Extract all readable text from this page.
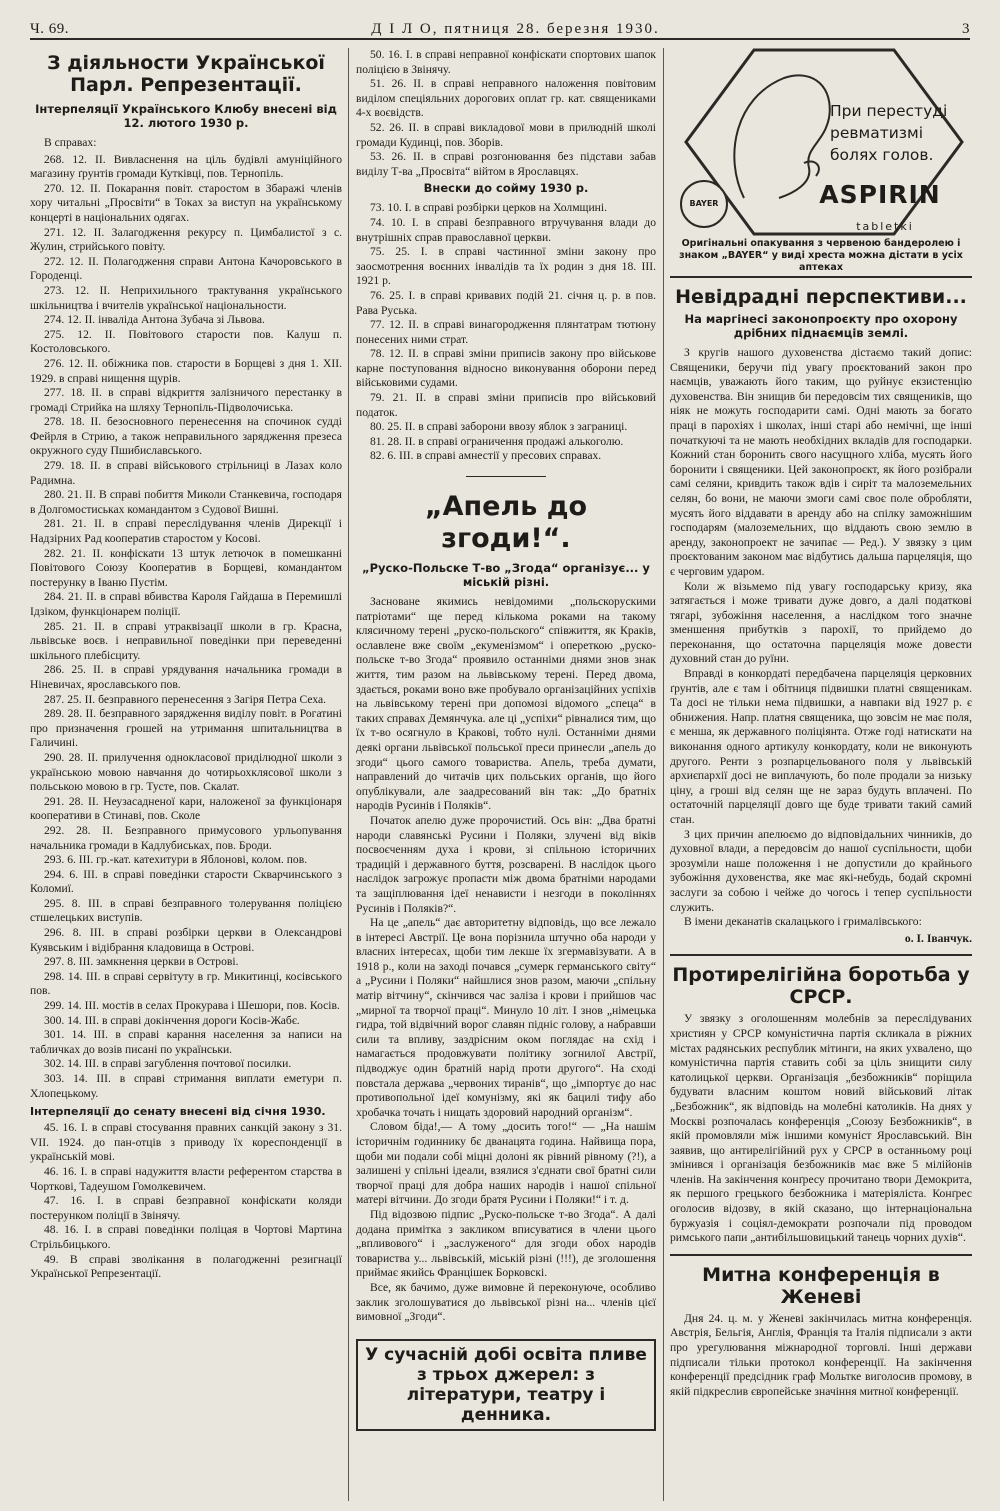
Ч. 69.	Д І Л О, пятниця 28. березня 1930.	3
З діяльности Української Парл. Репрезентації.
Інтерпеляції Українського Клюбу внесені від 12. лютого 1930 р.

В справах:

268. 12. II. Вивласнення на ціль будівлі амуніційного магазину ґрунтів громади Кутківці, пов. Тернопіль.

270. 12. II. Покарання повіт. старостом в Збаражі членів хору читальні „Просвіти“ в Токах за виступ на українському концерті в національних одягах.

271. 12. II. Залагодження рекурсу п. Цимбалистої з с. Жулин, стрийського повіту.

272. 12. II. Полагодження справи Антона Качоровського в Городенці.

273. 12. II. Неприхильного трактування українського шкільництва і вчителів української національности.

274. 12. II. інваліда Антона Зубача зі Львова.

275. 12. II. Повітового старости пов. Калуш п. Костоловського.

276. 12. II. обіжника пов. старости в Борщеві з дня 1. XII. 1929. в справі нищення щурів.

277. 18. II. в справі відкриття залізничого перестанку в громаді Стрийка на шляху Тернопіль-Підволочиська.

278. 18. II. безосновного перенесення на спочинок судді Фейрля в Стрию, а також неправильного зарядження презеса окружного суду Пшибиславського.

279. 18. II. в справі військового стрільниці в Лазах коло Радимна.

280. 21. II. В справі побиття Миколи Станкевича, господаря в Долгомостиськах командантом з Судової Вишні.

281. 21. II. в справі переслідування членів Дирекції і Надзірних Рад кооператив старостом у Косові.

282. 21. II. конфіскати 13 штук летючок в помешканні Повітового Союзу Кооператив в Борщеві, командантом постерунку в Іваню Пустім.

284. 21. II. в справі вбивства Кароля Гайдаша в Перемишлі Ідзіком, функціонарем поліції.

285. 21. II. в справі утраквізації школи в гр. Красна, львівське воєв. і неправильної поведінки при переведенні шкільного плебісциту.

286. 25. II. в справі урядування начальника громади в Ніневичах, ярославського пов.

287. 25. II. безправного перенесення з Загіря Петра Сеха.

289. 28. II. безправного зарядження виділу повіт. в Рогатині про призначення грошей на утримання шпитальництва в Галичині.

290. 28. II. прилучення однокласової приділюдної школи з українською мовою навчання до чотирьохклясової школи з польською мовою в гр. Тусте, пов. Скалат.

291. 28. II. Неузасадненої кари, наложеної за функціонаря кооперативи в Стинаві, пов. Сколе

292. 28. II. Безправного примусового урльопування начальника громади в Кадлубиськах, пов. Броди.

293. 6. III. гр.-кат. катехитури в Яблонові, колом. пов.

294. 6. III. в справі поведінки старости Скварчинського з Коломиї.

295. 8. III. в справі безправного толерування поліцією стшелецьких виступів.

296. 8. III. в справі розбірки церкви в Олександрові Куявським і відібрання кладовища в Острові.

297. 8. III. замкнення церкви в Острові.

298. 14. III. в справі сервітуту в гр. Микитинці, косівського пов.

299. 14. III. мостів в селах Прокурава і Шешори, пов. Косів.

300. 14. III. в справі докінчення дороги Косів-Жабє.

301. 14. III. в справі карання населення за написи на табличках до возів писані по українськи.

302. 14. III. в справі загублення почтової посилки.

303. 14. III. в справі стримання виплати еметури п. Хлопецькому.

Інтерпеляції до сенату внесені від січня 1930.

45. 16. I. в справі стосування правних санкцій закону з 31. VII. 1924. до пан-отців з приводу їх кореспонденції в українській мові.

46. 16. I. в справі надужиття власти референтом старства в Чорткові, Тадеушом Гомолкевичем.

47. 16. I. в справі безправної конфіскати коляди постерунком поліції в Звінячу.

48. 16. I. в справі поведінки поліцая в Чортові Мартина Стрільбицького.

49. В справі зволікання в полагодженні резигнації Української Репрезентації.

50. 16. I. в справі неправної конфіскати спортових шапок поліцією в Звінячу.

51. 26. II. в справі неправного наложення повітовим виділом спеціяльних дорогових оплат гр. кат. священиками 4-х воєвідств.

52. 26. II. в справі викладової мови в прилюдній школі громади Кудинці, пов. Зборів.

53. 26. II. в справі розгонювання без підстави забав виділу Т-ва „Просвіта“ війтом в Ярославцях.

Внески до сойму 1930 р.

73. 10. I. в справі розбірки церков на Холмщині.

74. 10. I. в справі безправного втручування влади до внутрішніх справ православної церкви.

75. 25. I. в справі частинної зміни закону про заосмотрення воєнних інвалідів та їх родин з дня 18. III. 1921 р.

76. 25. I. в справі кривавих подій 21. січня ц. р. в пов. Рава Руська.

77. 12. II. в справі винагородження плянтатрам тютюну понесених ними страт.

78. 12. II. в справі зміни приписів закону про військове карне поступовання відносно виконування оборони перед військовими судами.

79. 21. II. в справі зміни приписів про військовий податок.

80. 25. II. в справі заборони ввозу яблок з заграниці.

81. 28. II. в справі ограничення продажі алькоголю.

82. 6. III. в справі амнестії у пресових справах.

„Апель до згоди!“.
„Руско-Польске Т-во „Згода“ організує... у міській різні.

Засноване якимись невідомими „польскорускими патріотами“ ще перед кількома роками на такому клясичному терені „руско-польского“ співжиття, як Краків, ославлене вже своїм „екуменізмом“ і опереткою „руско-польске т-во Згода“ проявило останніми днями знов знак життя, тим разом на львівському терені. Перед двома, здається, роками воно вже пробувало організаційних успіхів на львівському терені при допомозі відомого „спеца“ в таких справах Демянчука. але ці „успіхи“ рівналися тим, що їх т-во осягнуло в Кракові, тобто нулі. Останніми днями деякі органи львівської польської преси принесли „апель до згоди“ цього самого товариства. Апель, треба думати, направлений до читачів цих польських органів, що його опублікували, але заадресований він так: „До братніх народів Русинів і Поляків“.

Початок апелю дуже пророчистий. Ось він: „Два братні народи славянські Русини і Поляки, злучені від віків посвоєченням духа і крови, зі спільною історичних традицій і державного буття, розсварені. В наслідок цього наслідок загрожує пропасти між двома братніми народами та защіплювання ідеї ненависти і незгоди в поколіннях Русинів і Поляків?“.

На це „апель“ дає авторитетну відповідь, що все лежало в інтересі Австрії. Це вона порізнила штучно оба народи у власних інтересах, щоби тим лекше їх згермавізувати. А в 1918 р., коли на заході почався „сумерк германського світу“ а „Русини і Поляки“ найшлися знов разом, маючи „спільну матір вітчину“, скінчився час заліза і крови і прийшов час „мирної та творчої праці“. Минуло 10 літ. І знов „німецька гидра, той відвічний ворог славян підніс голову, а набравши сили та впливу, заздрісним оком поглядає на схід і намагається продовжувати політику зогнилої Австрії, підводжує один братній нарід проти другого“. На сході повстала держава „червоних тиранів“, що „імпортує до нас противопольної ідеї комунізму, які як бацилі тифу або хробачка точать і нищать здоровий народний організм“.

Словом біда!,— А тому „досить того!“ — „На нашім історичнім годиннику бє дванацята година. Найвища пора, щоби ми подали собі міцні долоні як рівний рівному (?!), а залишені у спільні ідеали, взялися з'єднати свої братні сили творчої праці для добра наших народів і нашої спільної матері вітчини. До згоди братя Русини і Поляки!“ і т. д.

Під відозвою підпис „Руско-польске т-во Згода“. А далі додана примітка з закликом вписуватися в члени цього „впливового“ і „заслуженого“ для згоди обох народів товариства у... львівській, міській різні (!!!), де зголошення приймає якийсь Францішек Борковскі.

Все, як бачимо, дуже вимовне й переконуюче, особливо заклик зголошуватися до львівської різні на... членів цієї вимовної „Згоди“.

У сучасній добі освіта пливе з трьох джерел: з літератури, театру і денника.
При перестуді ревматизмі болях голов.
BAYER	ASPIRIN
tabletki
Оригінальні опакування з червеною бандеролею і знаком „BAYER“ у виді хреста можна дістати в усіх аптеках
Невідрадні перспективи...
На маргінесі законопроєкту про охорону дрібних піднаємців землі.

З кругів нашого духовенства дістаємо такий допис: Священики, беручи під увагу проєктований закон про наємців, уважають його таким, що руйнує екзистенцію духовенства. Він знищив би передовсім тих священиків, що ніяк не можуть господарити самі. Одні мають за богато праці в парохіях і школах, інші старі або немічні, ще інші початкуючі та не мають необхідних вкладів для господарки. Кожний стан боронить свого насущного хліба, мусять його боронити і священики. Цей законопроєкт, як його розібрали самі селяни, кривдить також вдів і сиріт та малоземельних селян, бо вони, не маючи змоги самі своє поле обробляти, мусять його віддавати в аренду або на спілку заможнішим господарям (малоземельних, що віддають свою землю в аренду, законопроект не зачипає — Ред.). У звязку з цим проєктованим законом має відбутись дальша парцеляція, що є черговим ударом.

Коли ж візьмемо під увагу господарську кризу, яка затягається і може тривати дуже довго, а далі податкові тягарі, зубожіння населення, а наслідком того значне зменшення прибутків з парохії, то прийдемо до переконання, що остаточна парцеляція може довести духовний стан до руїни.

Вправді в конкордаті передбачена парцеляція церковних ґрунтів, але є там і обітниця підвишки платні священикам. Та досі не тільки нема підвишки, а навпаки від 1927 р. є обнижения. Напр. платня священика, що зовсім не має поля, є менша, як державного поліціянта. Отже годі натискати на виконання одного артикулу конкордату, коли не виконують другого. Ренти з розпарцельованого поля у львівській архиєпархії досі не виплачують, бо поле продали за низьку ціну, а гроші від селян ще не зараз будуть вплачені. По остаточній парцеляції довго ще буде тривати такий самий стан.

З цих причин апелюємо до відповідальних чинників, до духовної влади, а передовсім до нашої суспільности, щоби зрозуміли наше положення і не допустили до крайнього зубожіння духовенства, яке має які-небудь, бодай скромні заслуги за собою і чейже до чогось і тепер суспільности служить.

В імени деканатів скалацького і грималівського:

о. І. Іванчук.
Протирелігійна боротьба у СРСР.

У звязку з оголошенням молебнів за переслідуваних християн у СРСР комуністична партія скликала в ріжних містах радянських республик мітинги, на яких ухвалено, що комуністична партія ставить собі за ціль знищити силу католицької церкви. Організація „безбожників“ поріщила будувати власним коштом новий військовий літак „Безбожник“, як відповідь на молебні католиків. На днях у Москві розпочалась конференція „Союзу Безбожників“, в якій промовляли між іншими комуніст Ярославський. Він заявив, що антирелігійний рух у СРСР в останньому році змінився і організація безбожників має вже 5 мілійонів членів. На закінчення конґресу прочитано твори Демокрита, як першого грецького безбожника і матеріяліста. Конґрес оголосив відозву, в якій сказано, що інтернаціональна буржуазія і соціял-демократи розпочали під проводом римського папи „антибільшовицький танець чорних духів“.

Митна конференція в Женеві

Дня 24. ц. м. у Женеві закінчилась митна конференція. Австрія, Бельгія, Англія, Франція та Італія підписали з акти про урегулювання міжнародної торговлі. Інші держави підписали тільки протокол конференції. На закінчення конференції предсідник граф Мольтке виголосив промову, в якій підкреслив європейське значіння митної конференції.
